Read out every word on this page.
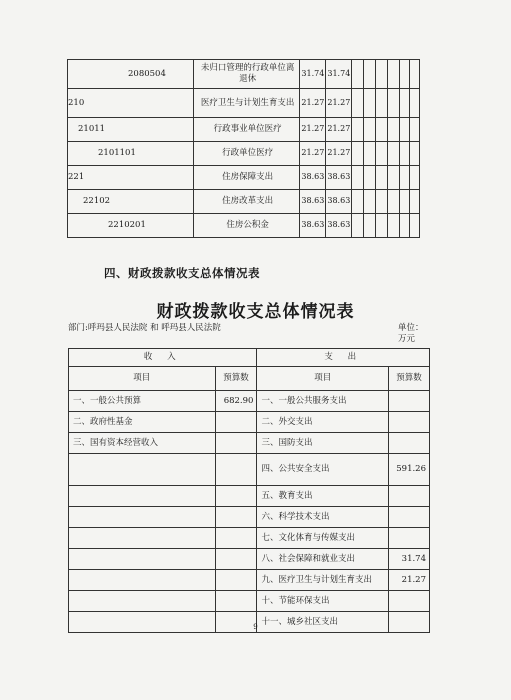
2080504	未归口管理的行政单位离退休	31.74	31.74						
210	医疗卫生与计划生育支出	21.27	21.27						
21011	行政事业单位医疗	21.27	21.27						
2101101	行政单位医疗	21.27	21.27						
221	住房保障支出	38.63	38.63						
22102	住房改革支出	38.63	38.63						
2210201	住房公积金	38.63	38.63						
四、财政拨款收支总体情况表
财政拨款收支总体情况表
部门:呼玛县人民法院 和 呼玛县人民法院	单位：万元
收 入		支 出	
项目	预算数	项目	预算数
一、一般公共预算	682.90	一、一般公共服务支出	
二、政府性基金		二、外交支出	
三、国有资本经营收入		三、国防支出	
		四、公共安全支出	591.26
		五、教育支出	
		六、科学技术支出	
		七、文化体育与传媒支出	
		八、社会保障和就业支出	31.74
		九、医疗卫生与计划生育支出	21.27
		十、节能环保支出	
		十一、城乡社区支出	
9
